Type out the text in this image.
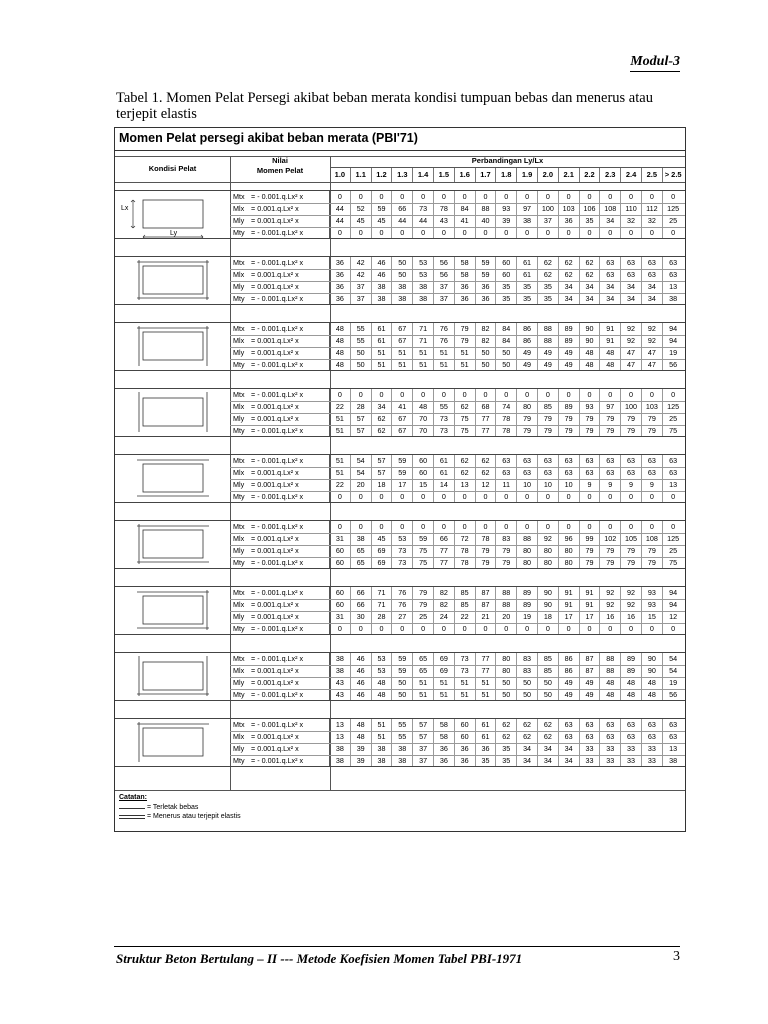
Modul-3
Tabel 1. Momen Pelat Persegi akibat beban merata kondisi tumpuan bebas dan menerus atau terjepit elastis
Momen Pelat persegi akibat beban merata (PBI'71)
Kondisi Pelat
Nilai
Momen Pelat
Perbandingan Ly/Lx
1.0	1.1	1.2	1.3	1.4	1.5	1.6	1.7	1.8	1.9	2.0	2.1	2.2	2.3	2.4	2.5	> 2.5
Lx
Ly
Mtx = - 0.001.q.Lx² x	0	0	0	0	0	0	0	0	0	0	0	0	0	0	0	0	0
Mlx = 0.001.q.Lx² x	44	52	59	66	73	78	84	88	93	97	100	103	106	108	110	112	125
Mly = 0.001.q.Lx² x	44	45	45	44	44	43	41	40	39	38	37	36	35	34	32	32	25
Mty = - 0.001.q.Lx² x	0	0	0	0	0	0	0	0	0	0	0	0	0	0	0	0	0
Mtx = - 0.001.q.Lx² x	36	42	46	50	53	56	58	59	60	61	62	62	62	63	63	63	63
Mlx = 0.001.q.Lx² x	36	42	46	50	53	56	58	59	60	61	62	62	62	63	63	63	63
Mly = 0.001.q.Lx² x	36	37	38	38	38	37	36	36	35	35	35	34	34	34	34	34	13
Mty = - 0.001.q.Lx² x	36	37	38	38	38	37	36	36	35	35	35	34	34	34	34	34	38
Mtx = - 0.001.q.Lx² x	48	55	61	67	71	76	79	82	84	86	88	89	90	91	92	92	94
Mlx = 0.001.q.Lx² x	48	55	61	67	71	76	79	82	84	86	88	89	90	91	92	92	94
Mly = 0.001.q.Lx² x	48	50	51	51	51	51	51	50	50	49	49	49	48	48	47	47	19
Mty = - 0.001.q.Lx² x	48	50	51	51	51	51	51	50	50	49	49	49	48	48	47	47	56
Mtx = - 0.001.q.Lx² x	0	0	0	0	0	0	0	0	0	0	0	0	0	0	0	0	0
Mlx = 0.001.q.Lx² x	22	28	34	41	48	55	62	68	74	80	85	89	93	97	100	103	125
Mly = 0.001.q.Lx² x	51	57	62	67	70	73	75	77	78	79	79	79	79	79	79	79	25
Mty = - 0.001.q.Lx² x	51	57	62	67	70	73	75	77	78	79	79	79	79	79	79	79	75
Mtx = - 0.001.q.Lx² x	51	54	57	59	60	61	62	62	63	63	63	63	63	63	63	63	63
Mlx = 0.001.q.Lx² x	51	54	57	59	60	61	62	62	63	63	63	63	63	63	63	63	63
Mly = 0.001.q.Lx² x	22	20	18	17	15	14	13	12	11	10	10	10	9	9	9	9	13
Mty = - 0.001.q.Lx² x	0	0	0	0	0	0	0	0	0	0	0	0	0	0	0	0	0
Mtx = - 0.001.q.Lx² x	0	0	0	0	0	0	0	0	0	0	0	0	0	0	0	0	0
Mlx = 0.001.q.Lx² x	31	38	45	53	59	66	72	78	83	88	92	96	99	102	105	108	125
Mly = 0.001.q.Lx² x	60	65	69	73	75	77	78	79	79	80	80	80	79	79	79	79	25
Mty = - 0.001.q.Lx² x	60	65	69	73	75	77	78	79	79	80	80	80	79	79	79	79	75
Mtx = - 0.001.q.Lx² x	60	66	71	76	79	82	85	87	88	89	90	91	91	92	92	93	94
Mlx = 0.001.q.Lx² x	60	66	71	76	79	82	85	87	88	89	90	91	91	92	92	93	94
Mly = 0.001.q.Lx² x	31	30	28	27	25	24	22	21	20	19	18	17	17	16	16	15	12
Mty = - 0.001.q.Lx² x	0	0	0	0	0	0	0	0	0	0	0	0	0	0	0	0	0
Mtx = - 0.001.q.Lx² x	38	46	53	59	65	69	73	77	80	83	85	86	87	88	89	90	54
Mlx = 0.001.q.Lx² x	38	46	53	59	65	69	73	77	80	83	85	86	87	88	89	90	54
Mly = 0.001.q.Lx² x	43	46	48	50	51	51	51	51	50	50	50	49	49	48	48	48	19
Mty = - 0.001.q.Lx² x	43	46	48	50	51	51	51	51	50	50	50	49	49	48	48	48	56
Mtx = - 0.001.q.Lx² x	13	48	51	55	57	58	60	61	62	62	62	63	63	63	63	63	63
Mlx = 0.001.q.Lx² x	13	48	51	55	57	58	60	61	62	62	62	63	63	63	63	63	63
Mly = 0.001.q.Lx² x	38	39	38	38	37	36	36	36	35	34	34	34	33	33	33	33	13
Mty = - 0.001.q.Lx² x	38	39	38	38	37	36	36	35	35	34	34	34	33	33	33	33	38
Catatan:
= Terletak bebas
= Menerus atau terjepit elastis
Struktur Beton Bertulang – II --- Metode Koefisien Momen Tabel PBI-1971	3
